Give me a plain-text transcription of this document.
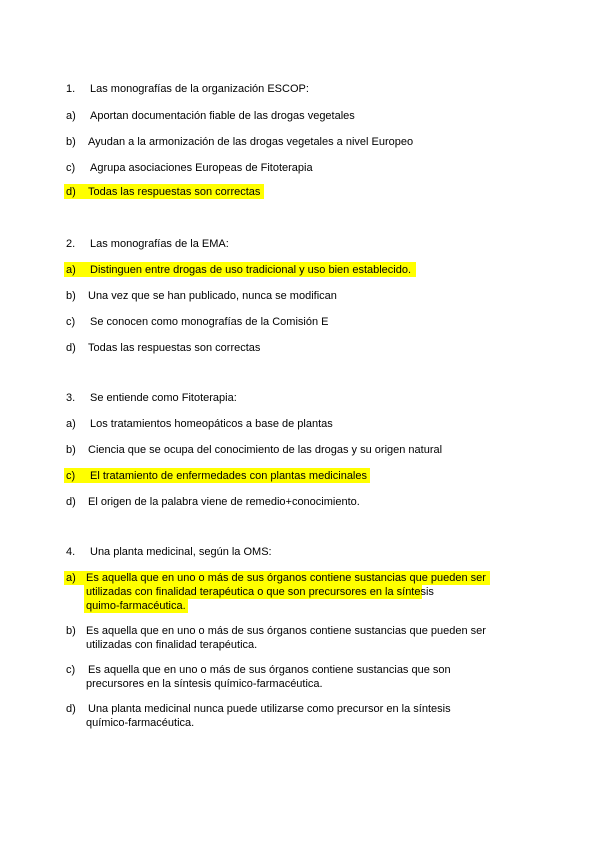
1. Las monografías de la organización ESCOP:
a) Aportan documentación fiable de las drogas vegetales
b) Ayudan a la armonización de las drogas vegetales a nivel Europeo
c) Agrupa asociaciones Europeas de Fitoterapia
d) Todas las respuestas son correctas
2. Las monografías de la EMA:
a) Distinguen entre drogas de uso tradicional y uso bien establecido.
b) Una vez que se han publicado, nunca se modifican
c) Se conocen como monografías de la Comisión E
d) Todas las respuestas son correctas
3. Se entiende como Fitoterapia:
a) Los tratamientos homeopáticos a base de plantas
b) Ciencia que se ocupa del conocimiento de las drogas y su origen natural
c) El tratamiento de enfermedades con plantas medicinales
d) El origen de la palabra viene de remedio+conocimiento.
4. Una planta medicinal, según la OMS:
a) Es aquella que en uno o más de sus órganos contiene sustancias que pueden ser
utilizadas con finalidad terapéutica o que son precursores en la síntesis
quimo-farmacéutica.
b) Es aquella que en uno o más de sus órganos contiene sustancias que pueden ser
utilizadas con finalidad terapéutica.
c) Es aquella que en uno o más de sus órganos contiene sustancias que son
precursores en la síntesis químico-farmacéutica.
d) Una planta medicinal nunca puede utilizarse como precursor en la síntesis
químico-farmacéutica.
